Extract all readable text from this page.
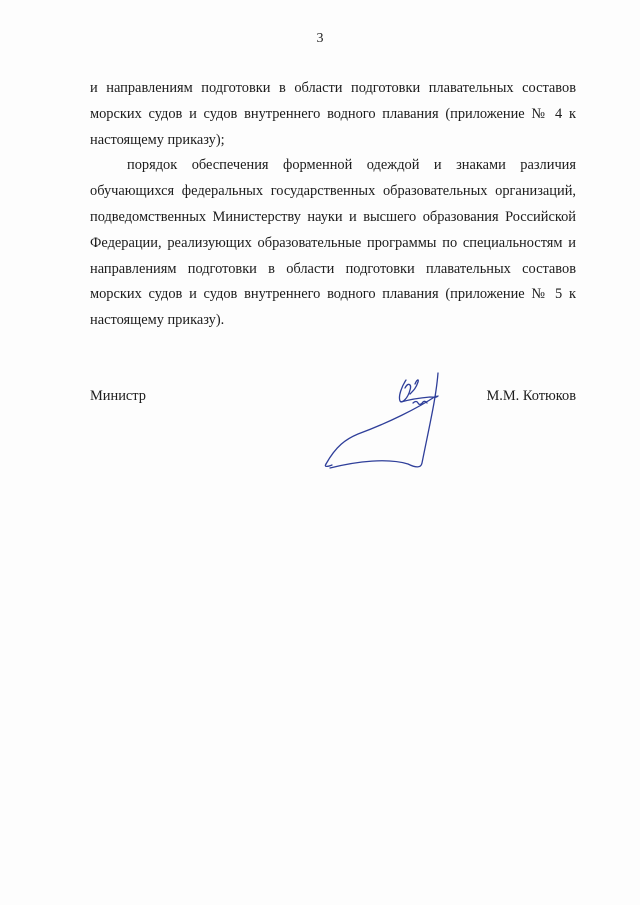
3

и направлениям подготовки в области подготовки плавательных составов морских судов и судов внутреннего водного плавания (приложение № 4 к настоящему приказу);

порядок обеспечения форменной одеждой и знаками различия обучающихся федеральных государственных образовательных организаций, подведомственных Министерству науки и высшего образования Российской Федерации, реализующих образовательные программы по специальностям и направлениям подготовки в области подготовки плавательных составов морских судов и судов внутреннего водного плавания (приложение № 5 к настоящему приказу).

Министр	М.М. Котюков
